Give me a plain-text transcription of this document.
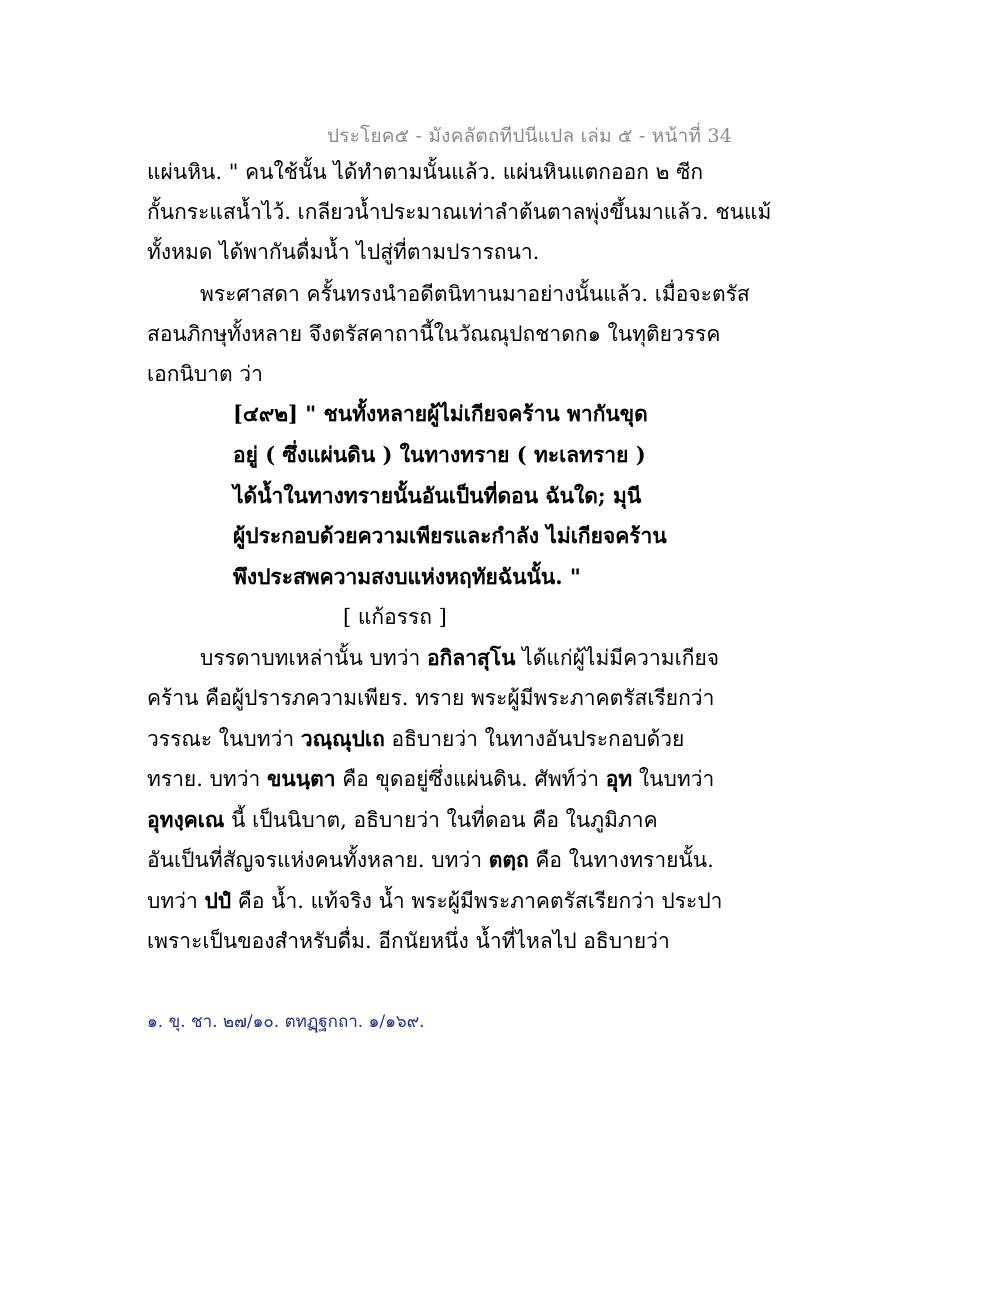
ประโยค๕ - มังคลัตถทีปนีแปล เล่ม ๕ - หน้าที่ 34
แผ่นหิน. " คนใช้นั้น ได้ทำตามนั้นแล้ว. แผ่นหินแตกออก ๒ ซีก
กั้นกระแสน้ำไว้. เกลียวน้ำประมาณเท่าลำต้นตาลพุ่งขึ้นมาแล้ว. ชนแม้
ทั้งหมด ได้พากันดื่มน้ำ ไปสู่ที่ตามปรารถนา.
พระศาสดา ครั้นทรงนำอดีตนิทานมาอย่างนั้นแล้ว. เมื่อจะตรัส
สอนภิกษุทั้งหลาย จึงตรัสคาถานี้ในวัณณุปถชาดก๑ ในทุติยวรรค
เอกนิบาต ว่า
[๔๙๒] " ชนทั้งหลายผู้ไม่เกียจคร้าน พากันขุด
อยู่ ( ซึ่งแผ่นดิน ) ในทางทราย ( ทะเลทราย )
ได้น้ำในทางทรายนั้นอันเป็นที่ดอน ฉันใด; มุนี
ผู้ประกอบด้วยความเพียรและกำลัง ไม่เกียจคร้าน
พึงประสพความสงบแห่งหฤทัยฉันนั้น. "
[ แก้อรรถ ]
บรรดาบทเหล่านั้น บทว่า อกิลาสุโน ได้แก่ผู้ไม่มีความเกียจ
คร้าน คือผู้ปรารภความเพียร. ทราย พระผู้มีพระภาคตรัสเรียกว่า
วรรณะ ในบทว่า วณฺณุปเถ อธิบายว่า ในทางอันประกอบด้วย
ทราย. บทว่า ขนนฺตา คือ ขุดอยู่ซึ่งแผ่นดิน. ศัพท์ว่า อุท ในบทว่า
อุทงฺคเณ นี้ เป็นนิบาต, อธิบายว่า ในที่ดอน คือ ในภูมิภาค
อันเป็นที่สัญจรแห่งคนทั้งหลาย. บทว่า ตตฺถ คือ ในทางทรายนั้น.
บทว่า ปปํ คือ น้ำ. แท้จริง น้ำ พระผู้มีพระภาคตรัสเรียกว่า ประปา
เพราะเป็นของสำหรับดื่ม. อีกนัยหนึ่ง น้ำที่ไหลไป อธิบายว่า
๑. ขุ. ชา. ๒๗/๑๐. ตทฏฺฐกถา. ๑/๑๖๙.
